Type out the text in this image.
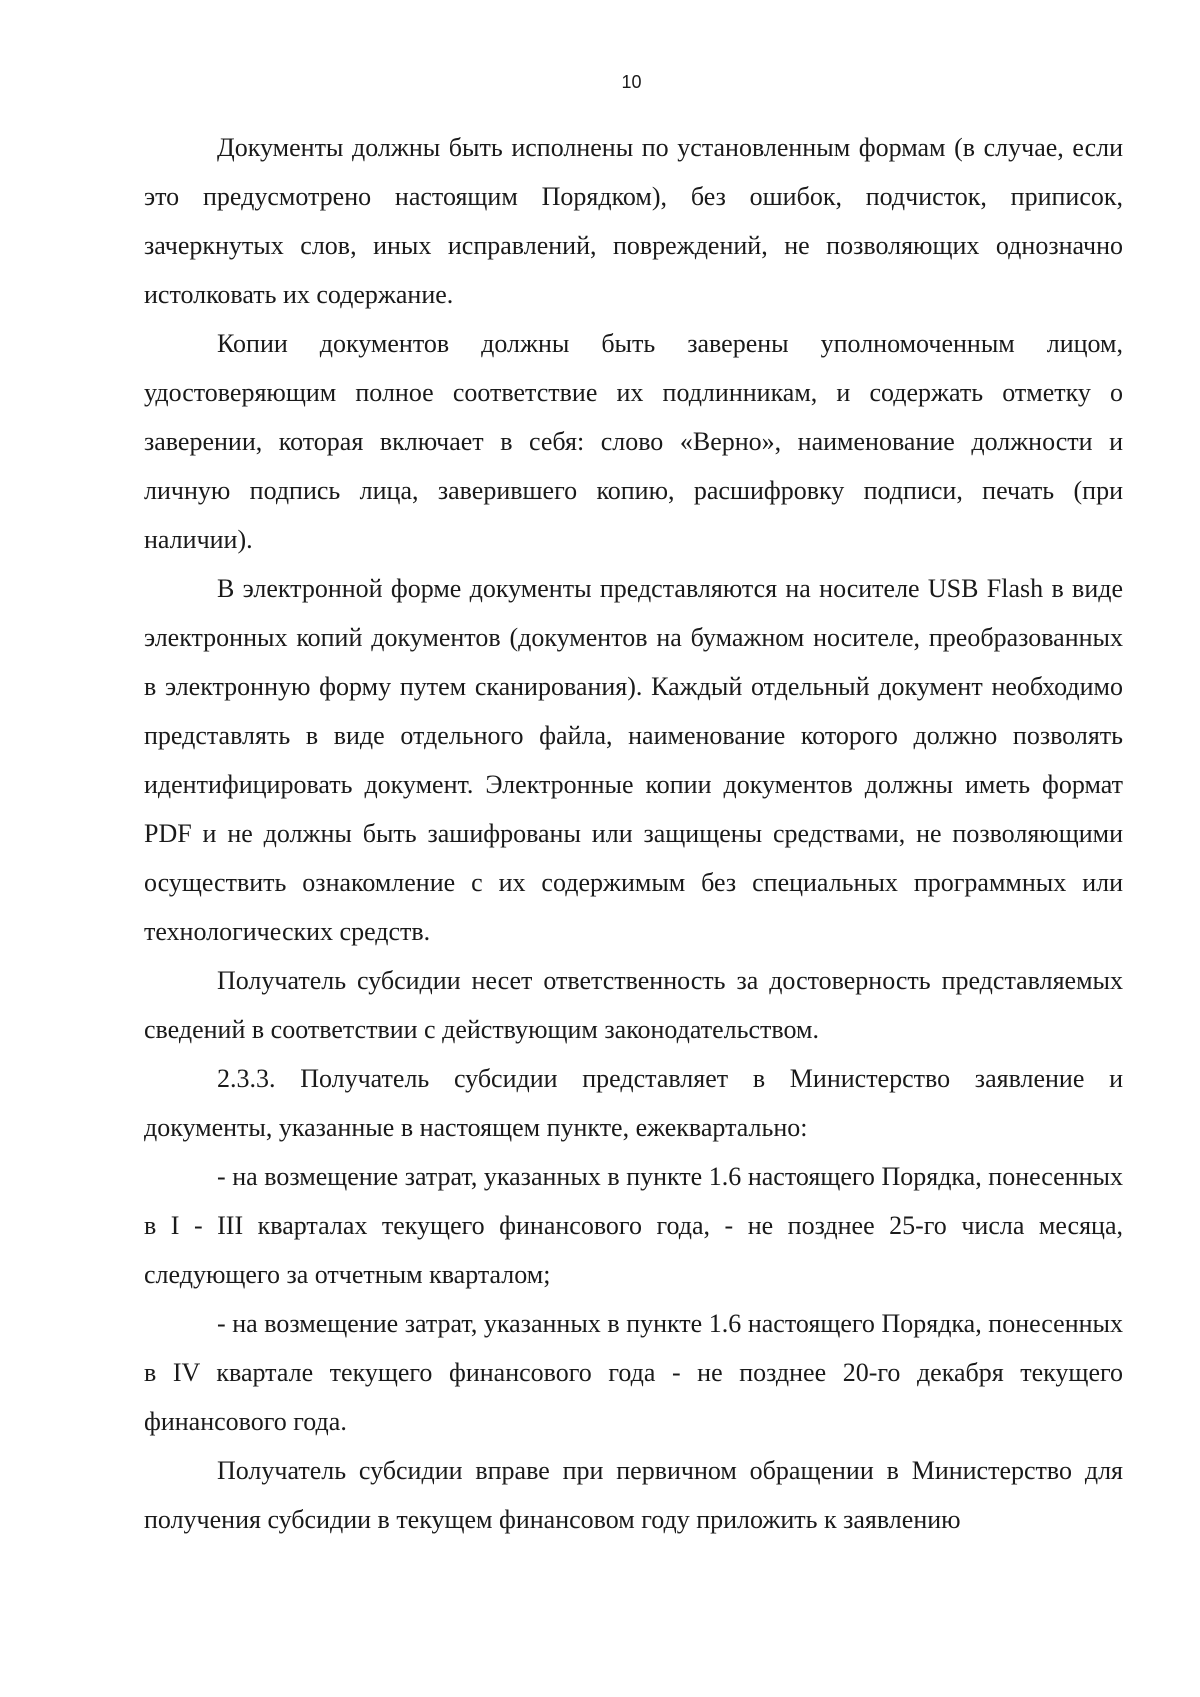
10

Документы должны быть исполнены по установленным формам (в случае, если это предусмотрено настоящим Порядком), без ошибок, подчисток, приписок, зачеркнутых слов, иных исправлений, повреждений, не позволяющих однозначно истолковать их содержание.

Копии документов должны быть заверены уполномоченным лицом, удостоверяющим полное соответствие их подлинникам, и содержать отметку о заверении, которая включает в себя: слово «Верно», наименование должности и личную подпись лица, заверившего копию, расшифровку подписи, печать (при наличии).

В электронной форме документы представляются на носителе USB Flash в виде электронных копий документов (документов на бумажном носителе, преобразованных в электронную форму путем сканирования). Каждый отдельный документ необходимо представлять в виде отдельного файла, наименование которого должно позволять идентифицировать документ. Электронные копии документов должны иметь формат PDF и не должны быть зашифрованы или защищены средствами, не позволяющими осуществить ознакомление с их содержимым без специальных программных или технологических средств.

Получатель субсидии несет ответственность за достоверность представляемых сведений в соответствии с действующим законодательством.

2.3.3. Получатель субсидии представляет в Министерство заявление и документы, указанные в настоящем пункте, ежеквартально:

- на возмещение затрат, указанных в пункте 1.6 настоящего Порядка, понесенных в I - III кварталах текущего финансового года, - не позднее 25-го числа месяца, следующего за отчетным кварталом;

- на возмещение затрат, указанных в пункте 1.6 настоящего Порядка, понесенных в IV квартале текущего финансового года - не позднее 20-го декабря текущего финансового года.

Получатель субсидии вправе при первичном обращении в Министерство для получения субсидии в текущем финансовом году приложить к заявлению
